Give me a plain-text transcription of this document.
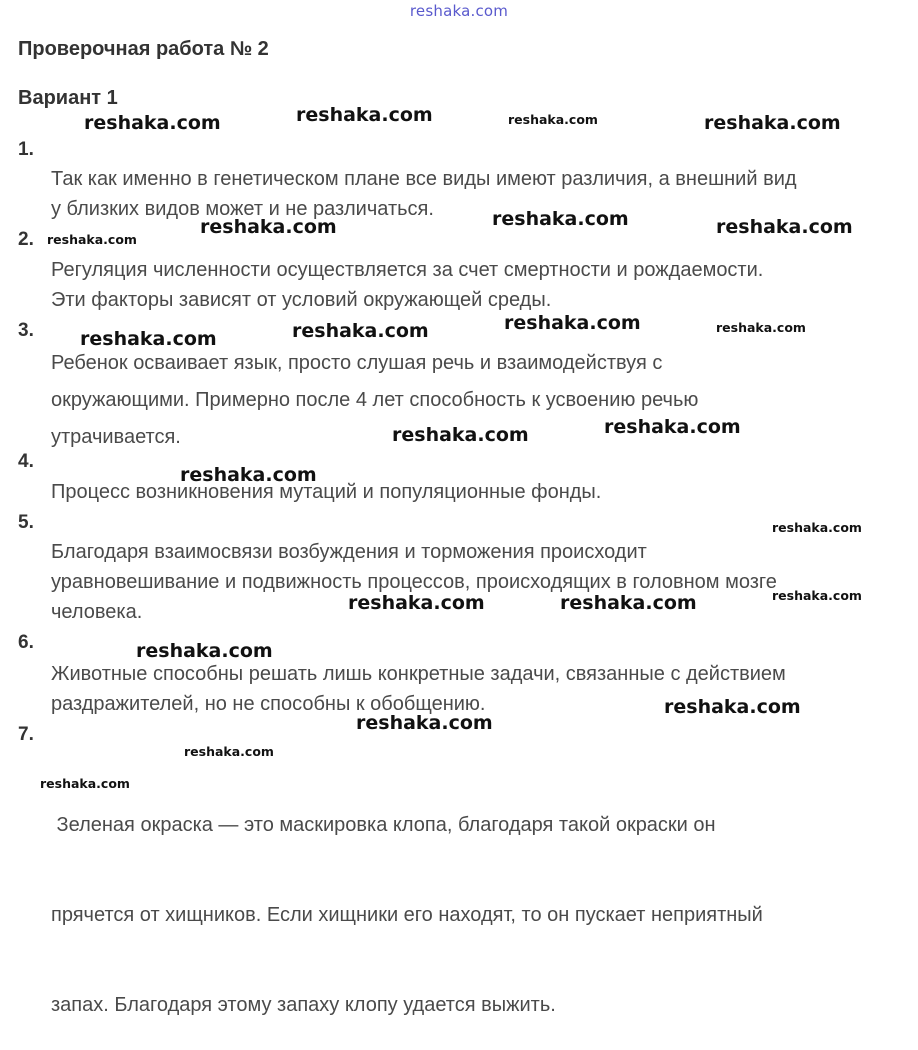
reshaka.com
Проверочная работа № 2
Вариант 1
1.
Так как именно в генетическом плане все виды имеют различия, а внешний вид
у близких видов может и не различаться.
2.
Регуляция численности осуществляется за счет смертности и рождаемости.
Эти факторы зависят от условий окружающей среды.
3.
Ребенок осваивает язык, просто слушая речь и взаимодействуя с
окружающими. Примерно после 4 лет способность к усвоению речью
утрачивается.
4.
Процесс возникновения мутаций и популяционные фонды.
5.
Благодаря взаимосвязи возбуждения и торможения происходит
уравновешивание и подвижность процессов, происходящих в головном мозге
человека.
6.
Животные способны решать лишь конкретные задачи, связанные с действием
раздражителей, но не способны к обобщению.
7.

Зеленая окраска — это маскировка клопа, благодаря такой окраски он

прячется от хищников. Если хищники его находят, то он пускает неприятный

запах. Благодаря этому запаху клопу удается выжить.

reshaka.com	reshaka.com	reshaka.com	reshaka.com
reshaka.com
reshaka.com	reshaka.com	reshaka.com
reshaka.com	reshaka.com	reshaka.com	reshaka.com
reshaka.com	reshaka.com
reshaka.com
reshaka.com
reshaka.com	reshaka.com	reshaka.com
reshaka.com
reshaka.com
reshaka.com
reshaka.com
reshaka.com
